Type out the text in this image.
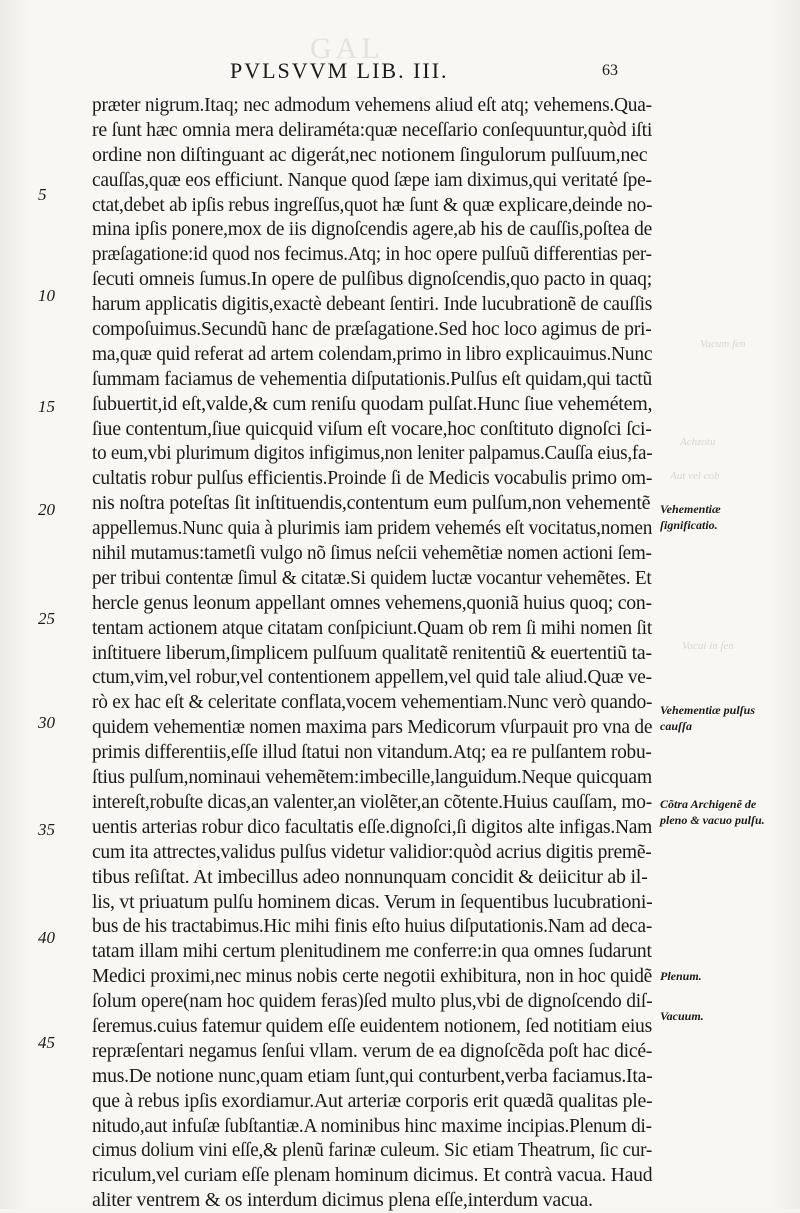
GAL
PVLSVVM LIB. III.	63
præter nigrum.Itaq; nec admodum vehemens aliud eſt atq; vehemens.Qua-
re ſunt hæc omnia mera deliraméta:quæ neceſſario conſequuntur,quòd iſti
ordine non diſtinguant ac digerát,nec notionem ſingulorum pulſuum,nec
cauſſas,quæ eos efficiunt. Nanque quod ſæpe iam diximus,qui veritaté ſpe-
ctat,debet ab ipſis rebus ingreſſus,quot hæ ſunt & quæ explicare,deinde no-
mina ipſis ponere,mox de iis dignoſcendis agere,ab his de cauſſis,poſtea de
præſagatione:id quod nos fecimus.Atq; in hoc opere pulſuũ differentias per-
ſecuti omneis ſumus.In opere de pulſibus dignoſcendis,quo pacto in quaq;
harum applicatis digitis,exactè debeant ſentiri. Inde lucubrationẽ de cauſſis
compoſuimus.Secundũ hanc de præſagatione.Sed hoc loco agimus de pri-
ma,quæ quid referat ad artem colendam,primo in libro explicauimus.Nunc
ſummam faciamus de vehementia diſputationis.Pulſus eſt quidam,qui tactũ
ſubuertit,id eſt,valde,& cum reniſu quodam pulſat.Hunc ſiue vehemétem,
ſiue contentum,ſiue quicquid viſum eſt vocare,hoc conſtituto dignoſci ſci-
to eum,vbi plurimum digitos infigimus,non leniter palpamus.Cauſſa eius,fa-
cultatis robur pulſus efficientis.Proinde ſi de Medicis vocabulis primo om-
nis noſtra poteſtas ſit inſtituendis,contentum eum pulſum,non vehementẽ
appellemus.Nunc quia à plurimis iam pridem vehemés eſt vocitatus,nomen
nihil mutamus:tametſi vulgo nõ ſimus neſcii vehemẽtiæ nomen actioni ſem-
per tribui contentæ ſimul & citatæ.Si quidem luctæ vocantur vehemẽtes. Et
hercle genus leonum appellant omnes vehemens,quoniã huius quoq; con-
tentam actionem atque citatam conſpiciunt.Quam ob rem ſi mihi nomen ſit
inſtituere liberum,ſimplicem pulſuum qualitatẽ renitentiũ & euertentiũ ta-
ctum,vim,vel robur,vel contentionem appellem,vel quid tale aliud.Quæ ve-
rò ex hac eſt & celeritate conflata,vocem vehementiam.Nunc verò quando-
quidem vehementiæ nomen maxima pars Medicorum vſurpauit pro vna de
primis differentiis,eſſe illud ſtatui non vitandum.Atq; ea re pulſantem robu-
ſtius pulſum,nominaui vehemẽtem:imbecille,languidum.Neque quicquam
intereſt,robuſte dicas,an valenter,an violẽter,an cõtente.Huius cauſſam, mo-
uentis arterias robur dico facultatis eſſe.dignoſci,ſi digitos alte infigas.Nam
cum ita attrectes,validus pulſus videtur validior:quòd acrius digitis premẽ-
tibus reſiſtat. At imbecillus adeo nonnunquam concidit & deiicitur ab il-
lis, vt priuatum pulſu hominem dicas. Verum in ſequentibus lucubrationi-
bus de his tractabimus.Hic mihi finis eſto huius diſputationis.Nam ad deca-
tatam illam mihi certum plenitudinem me conferre:in qua omnes ſudarunt
Medici proximi,nec minus nobis certe negotii exhibitura, non in hoc quidẽ
ſolum opere(nam hoc quidem feras)ſed multo plus,vbi de dignoſcendo diſ-
ſeremus.cuius fatemur quidem eſſe euidentem notionem, ſed notitiam eius
repræſentari negamus ſenſui vllam. verum de ea dignoſcẽda poſt hac dicé-
mus.De notione nunc,quam etiam ſunt,qui conturbent,verba faciamus.Ita-
que à rebus ipſis exordiamur.Aut arteriæ corporis erit quædã qualitas ple-
nitudo,aut infuſæ ſubſtantiæ.A nominibus hinc maxime incipias.Plenum di-
cimus dolium vini eſſe,& plenũ farinæ culeum. Sic etiam Theatrum, ſic cur-
riculum,vel curiam eſſe plenam hominum dicimus. Et contrà vacua. Haud
aliter ventrem & os interdum dicimus plena eſſe,interdum vacua.
5
10
15
20
25
30
35
40
45
Vehementiæ ſignificatio.
Vehementiæ pulſus cauſſa
Cõtra Archigenẽ de pleno & vacuo pulſu.
Plenum.
Vacuum.
Vacum fen
Achzotu
Aut vel cob
Vacui in fen
